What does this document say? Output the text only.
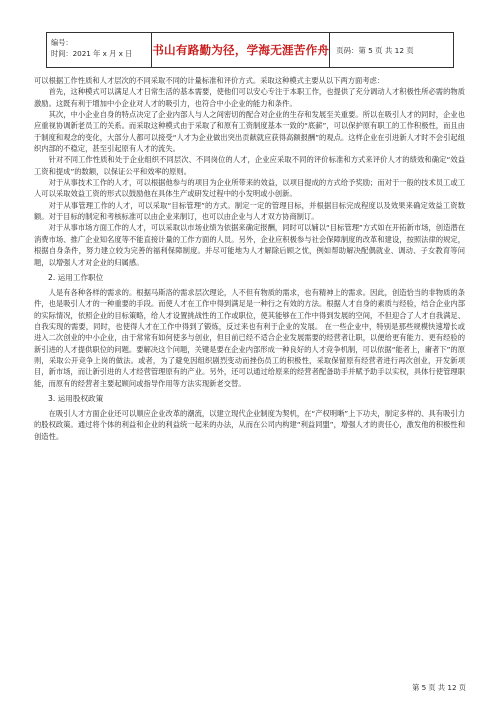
编号：
时间：2021 年 x 月 x 日	书山有路勤为径，学海无涯苦作舟 页码：第 5 页 共 12 页

可以根据工作性质和人才层次的不同采取不同的计量标准和评价方式。采取这种模式主要从以下两方面考虑：

首先，这种模式可以满足人才日常生活的基本需要，使他们可以安心专注于本职工作，也提供了充分调动人才积极性所必需的物质激励。这既有利于增加中小企业对人才的吸引力，也符合中小企业的能力和条件。

其次，中小企业自身的特点决定了企业内部人与人之间密切的配合对企业的生存和发展至关重要。所以在吸引人才的同时，企业也应重视协调新老员工的关系。而采取这种模式由于采取了和原有工资制度基本一致的“底薪”，可以保护原有职工的工作积极性，而且由于制度和观念的变化，大部分人都可以接受“人才为企业做出突出贡献就应获得高额报酬”的观点。这样企业在引进新人才时不会引起组织内部的不稳定，甚至引起原有人才的流失。

针对不同工作性质和处于企业组织不同层次、不同岗位的人才，企业应采取不同的评价标准和方式来评价人才的绩效和确定“效益工资和提成”的数额，以保证公平和效率的原则。

对于从事技术工作的人才，可以根据他参与的项目为企业所带来的效益，以项目提成的方式给予奖励；而对于一般的技术员工或工人可以采取效益工资的形式以鼓励他在具体生产或研发过程中的小发明或小创新。

对于从事管理工作的人才，可以采取“目标管理”的方式。制定一定的管理目标，并根据目标完成程度以及效果来确定效益工资数额。对于目标的制定和考核标准可以由企业来制订，也可以由企业与人才双方协商制订。

对于从事市场方面工作的人才，可以采取以市场业绩为依据来确定报酬，同时可以辅以“目标管理”方式如在开拓新市场，创造潜在消费市场、推广企业知名度等不能直接计量的工作方面的人员。另外，企业应积极参与社会保障制度的改革和建设，按照法律的规定，根据自身条件，努力建立较为完善的福利保障制度。并尽可能地为人才解除后顾之忧，例如帮助解决配偶就业、调动、子女教育等问题，以增强人才对企业的归属感。

2. 运用工作职位

人是有各种各样的需求的。根据马斯洛的需求层次理论，人不但有物质的需求，也有精神上的需求。因此，创造恰当的非物质的条件，也是吸引人才的一种重要的手段。而使人才在工作中得到满足是一种行之有效的方法。根据人才自身的素质与经验，结合企业内部的实际情况，依照企业的目标策略，给人才设置挑战性的工作或职位，使其能够在工作中得到发展的空间，不但迎合了人才自我满足、自我实现的需要，同时，也使得人才在工作中得到了锻炼，反过来也有利于企业的发展。 在一些企业中，特别是那些规模快速增长或进入二次创业的中小企业，由于常常有如何使多与创业，但目前已经不适合企业发展需要的经营者让职，以便给更有能力、更有经验的新引进的人才提供职位的问题。要解决这个问题，关键是要在企业内部形成一种良好的人才竞争机制，可以依据“能者上，庸者下”的原则，采取公开竞争上岗的做法。或者，为了避免因组织剧烈变动而挫伤员工的积极性，采取保留原有经营者进行再次创业，开发新项目，新市场，而让新引进的人才经营管理原有的产业。另外，还可以通过给原来的经营者配备助手并赋予助手以实权，具体行使管理职能，而原有的经营者主要起顾问或指导作用等方法实现新老交替。

3. 运用股权政策

在吸引人才方面企业还可以顺应企业改革的潮流，以建立现代企业制度为契机，在“产权明晰”上下功夫，制定多样的、具有吸引力的股权政策。通过将个体的利益和企业的利益统一起来的办法，从而在公司内构建“利益同盟”，增强人才的责任心，激发他的积极性和创造性。

第 5 页 共 12 页
